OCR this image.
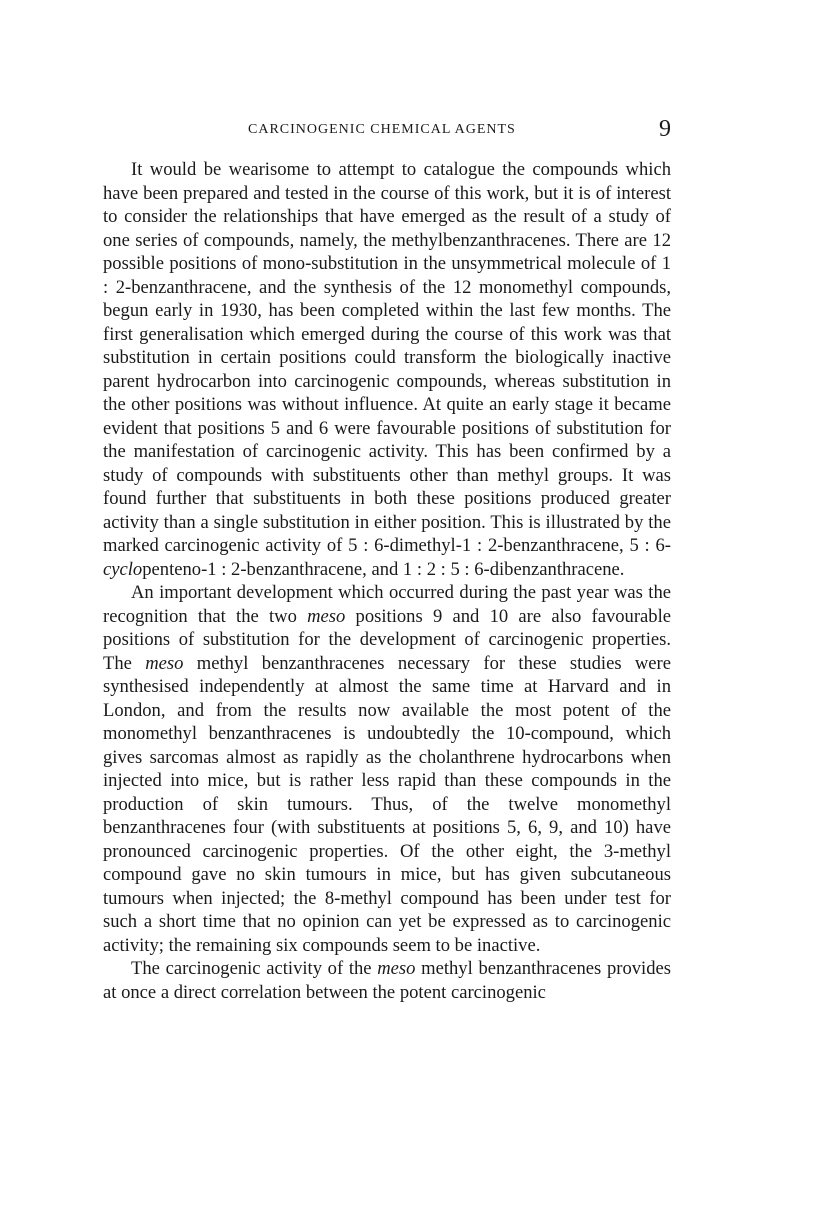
CARCINOGENIC CHEMICAL AGENTS	9

It would be wearisome to attempt to catalogue the compounds which have been prepared and tested in the course of this work, but it is of interest to consider the relationships that have emerged as the result of a study of one series of compounds, namely, the methylbenzanthracenes. There are 12 possible positions of mono-substitution in the unsymmetrical molecule of 1 : 2-benzanthracene, and the synthesis of the 12 monomethyl compounds, begun early in 1930, has been completed within the last few months. The first generalisation which emerged during the course of this work was that substitution in certain positions could transform the biologically inactive parent hydrocarbon into carcinogenic compounds, whereas substitution in the other positions was without influence. At quite an early stage it became evident that positions 5 and 6 were favourable positions of substitution for the manifestation of carcinogenic activity. This has been confirmed by a study of compounds with substituents other than methyl groups. It was found further that substituents in both these positions produced greater activity than a single substitution in either position. This is illustrated by the marked carcinogenic activity of 5 : 6-dimethyl-1 : 2-benzanthracene, 5 : 6-cyclopenteno-1 : 2-benzanthracene, and 1 : 2 : 5 : 6-dibenzanthracene.

An important development which occurred during the past year was the recognition that the two meso positions 9 and 10 are also favourable positions of substitution for the development of carcinogenic properties. The meso methyl benzanthracenes necessary for these studies were synthesised independently at almost the same time at Harvard and in London, and from the results now available the most potent of the monomethyl benzanthracenes is undoubtedly the 10-compound, which gives sarcomas almost as rapidly as the cholanthrene hydrocarbons when injected into mice, but is rather less rapid than these compounds in the production of skin tumours. Thus, of the twelve monomethyl benzanthracenes four (with substituents at positions 5, 6, 9, and 10) have pronounced carcinogenic properties. Of the other eight, the 3-methyl compound gave no skin tumours in mice, but has given subcutaneous tumours when injected; the 8-methyl compound has been under test for such a short time that no opinion can yet be expressed as to carcinogenic activity; the remaining six compounds seem to be inactive.

The carcinogenic activity of the meso methyl benzanthracenes provides at once a direct correlation between the potent carcinogenic
